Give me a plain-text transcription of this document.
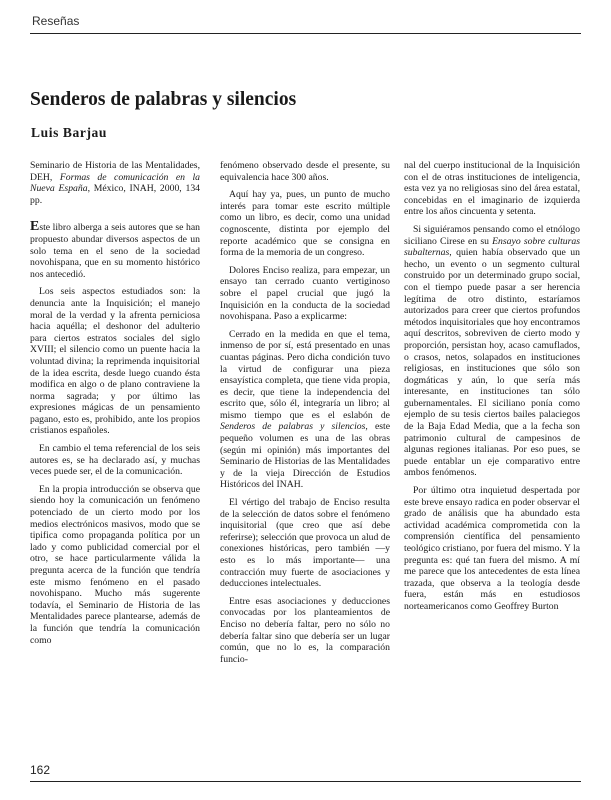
Reseñas
Senderos de palabras y silencios
Luis Barjau

Seminario de Historia de las Mentalidades, DEH, Formas de comunicación en la Nueva España, México, INAH, 2000, 134 pp.

Este libro alberga a seis autores que se han propuesto abundar diversos aspectos de un solo tema en el seno de la sociedad novohispana, que en su momento histórico nos antecedió.

Los seis aspectos estudiados son: la denuncia ante la Inquisición; el manejo moral de la verdad y la afrenta perniciosa hacia aquélla; el deshonor del adulterio para ciertos estratos sociales del siglo XVIII; el silencio como un puente hacia la voluntad divina; la reprimenda inquisitorial de la idea escrita, desde luego cuando ésta modifica en algo o de plano contraviene la norma sagrada; y por último las expresiones mágicas de un pensamiento pagano, esto es, prohibido, ante los propios cristianos españoles.

En cambio el tema referencial de los seis autores es, se ha declarado así, y muchas veces puede ser, el de la comunicación.

En la propia introducción se observa que siendo hoy la comunicación un fenómeno potenciado de un cierto modo por los medios electrónicos masivos, modo que se tipifica como propaganda política por un lado y como publicidad comercial por el otro, se hace particularmente válida la pregunta acerca de la función que tendría este mismo fenómeno en el pasado novohispano. Mucho más sugerente todavía, el Seminario de Historia de las Mentalidades parece plantearse, además de la función que tendría la comunicación como

fenómeno observado desde el presente, su equivalencia hace 300 años.

Aquí hay ya, pues, un punto de mucho interés para tomar este escrito múltiple como un libro, es decir, como una unidad cognoscente, distinta por ejemplo del reporte académico que se consigna en forma de la memoria de un congreso.

Dolores Enciso realiza, para empezar, un ensayo tan cerrado cuanto vertiginoso sobre el papel crucial que jugó la Inquisición en la conducta de la sociedad novohispana. Paso a explicarme:

Cerrado en la medida en que el tema, inmenso de por sí, está presentado en unas cuantas páginas. Pero dicha condición tuvo la virtud de configurar una pieza ensayística completa, que tiene vida propia, es decir, que tiene la independencia del escrito que, sólo él, integraría un libro; al mismo tiempo que es el eslabón de Senderos de palabras y silencios, este pequeño volumen es una de las obras (según mi opinión) más importantes del Seminario de Historias de las Mentalidades y de la vieja Dirección de Estudios Históricos del INAH.

El vértigo del trabajo de Enciso resulta de la selección de datos sobre el fenómeno inquisitorial (que creo que así debe referirse); selección que provoca un alud de conexiones históricas, pero también —y esto es lo más importante— una contracción muy fuerte de asociaciones y deducciones intelectuales.

Entre esas asociaciones y deducciones convocadas por los planteamientos de Enciso no debería faltar, pero no sólo no debería faltar sino que debería ser un lugar común, que no lo es, la comparación funcio-

nal del cuerpo institucional de la Inquisición con el de otras instituciones de inteligencia, esta vez ya no religiosas sino del área estatal, concebidas en el imaginario de izquierda entre los años cincuenta y setenta.

Si siguiéramos pensando como el etnólogo siciliano Cirese en su Ensayo sobre culturas subalternas, quien había observado que un hecho, un evento o un segmento cultural construido por un determinado grupo social, con el tiempo puede pasar a ser herencia legítima de otro distinto, estaríamos autorizados para creer que ciertos profundos métodos inquisitoriales que hoy encontramos aquí descritos, sobreviven de cierto modo y proporción, persistan hoy, acaso camuflados, o crasos, netos, solapados en instituciones religiosas, en instituciones que sólo son dogmáticas y aún, lo que sería más interesante, en instituciones tan sólo gubernamentales. El siciliano ponía como ejemplo de su tesis ciertos bailes palaciegos de la Baja Edad Media, que a la fecha son patrimonio cultural de campesinos de algunas regiones italianas. Por eso pues, se puede entablar un eje comparativo entre ambos fenómenos.

Por último otra inquietud despertada por este breve ensayo radica en poder observar el grado de análisis que ha abundado esta actividad académica comprometida con la comprensión científica del pensamiento teológico cristiano, por fuera del mismo. Y la pregunta es: qué tan fuera del mismo. A mí me parece que los antecedentes de esta línea trazada, que observa a la teología desde fuera, están más en estudiosos norteamericanos como Geoffrey Burton

162
